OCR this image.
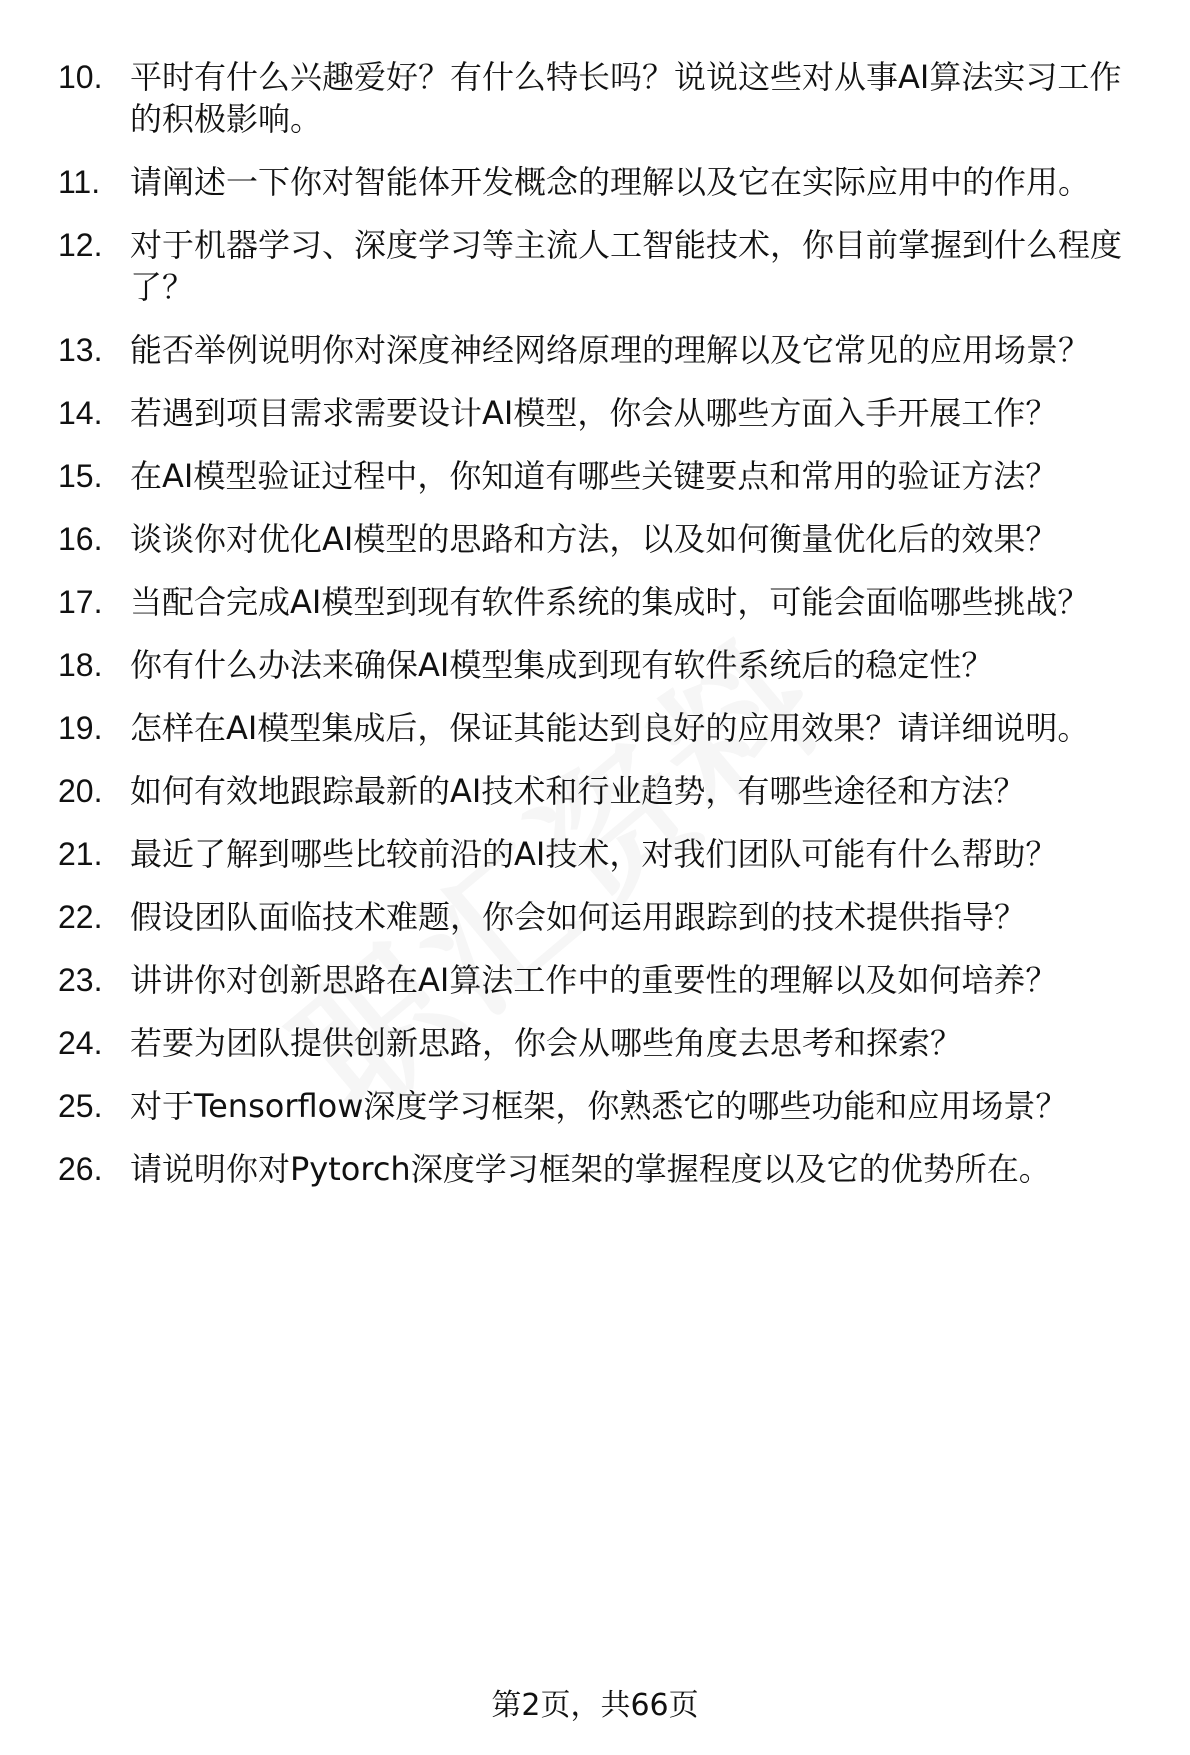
10. 平时有什么兴趣爱好？有什么特长吗？说说这些对从事AI算法实习工作的积极影响。
11. 请阐述一下你对智能体开发概念的理解以及它在实际应用中的作用。
12. 对于机器学习、深度学习等主流人工智能技术，你目前掌握到什么程度了？
13. 能否举例说明你对深度神经网络原理的理解以及它常见的应用场景？
14. 若遇到项目需求需要设计AI模型，你会从哪些方面入手开展工作？
15. 在AI模型验证过程中，你知道有哪些关键要点和常用的验证方法？
16. 谈谈你对优化AI模型的思路和方法，以及如何衡量优化后的效果？
17. 当配合完成AI模型到现有软件系统的集成时，可能会面临哪些挑战？
18. 你有什么办法来确保AI模型集成到现有软件系统后的稳定性？
19. 怎样在AI模型集成后，保证其能达到良好的应用效果？请详细说明。
20. 如何有效地跟踪最新的AI技术和行业趋势，有哪些途径和方法？
21. 最近了解到哪些比较前沿的AI技术，对我们团队可能有什么帮助？
22. 假设团队面临技术难题，你会如何运用跟踪到的技术提供指导？
23. 讲讲你对创新思路在AI算法工作中的重要性的理解以及如何培养？
24. 若要为团队提供创新思路，你会从哪些角度去思考和探索？
25. 对于Tensorflow深度学习框架，你熟悉它的哪些功能和应用场景？
26. 请说明你对Pytorch深度学习框架的掌握程度以及它的优势所在。
第2页，共66页
